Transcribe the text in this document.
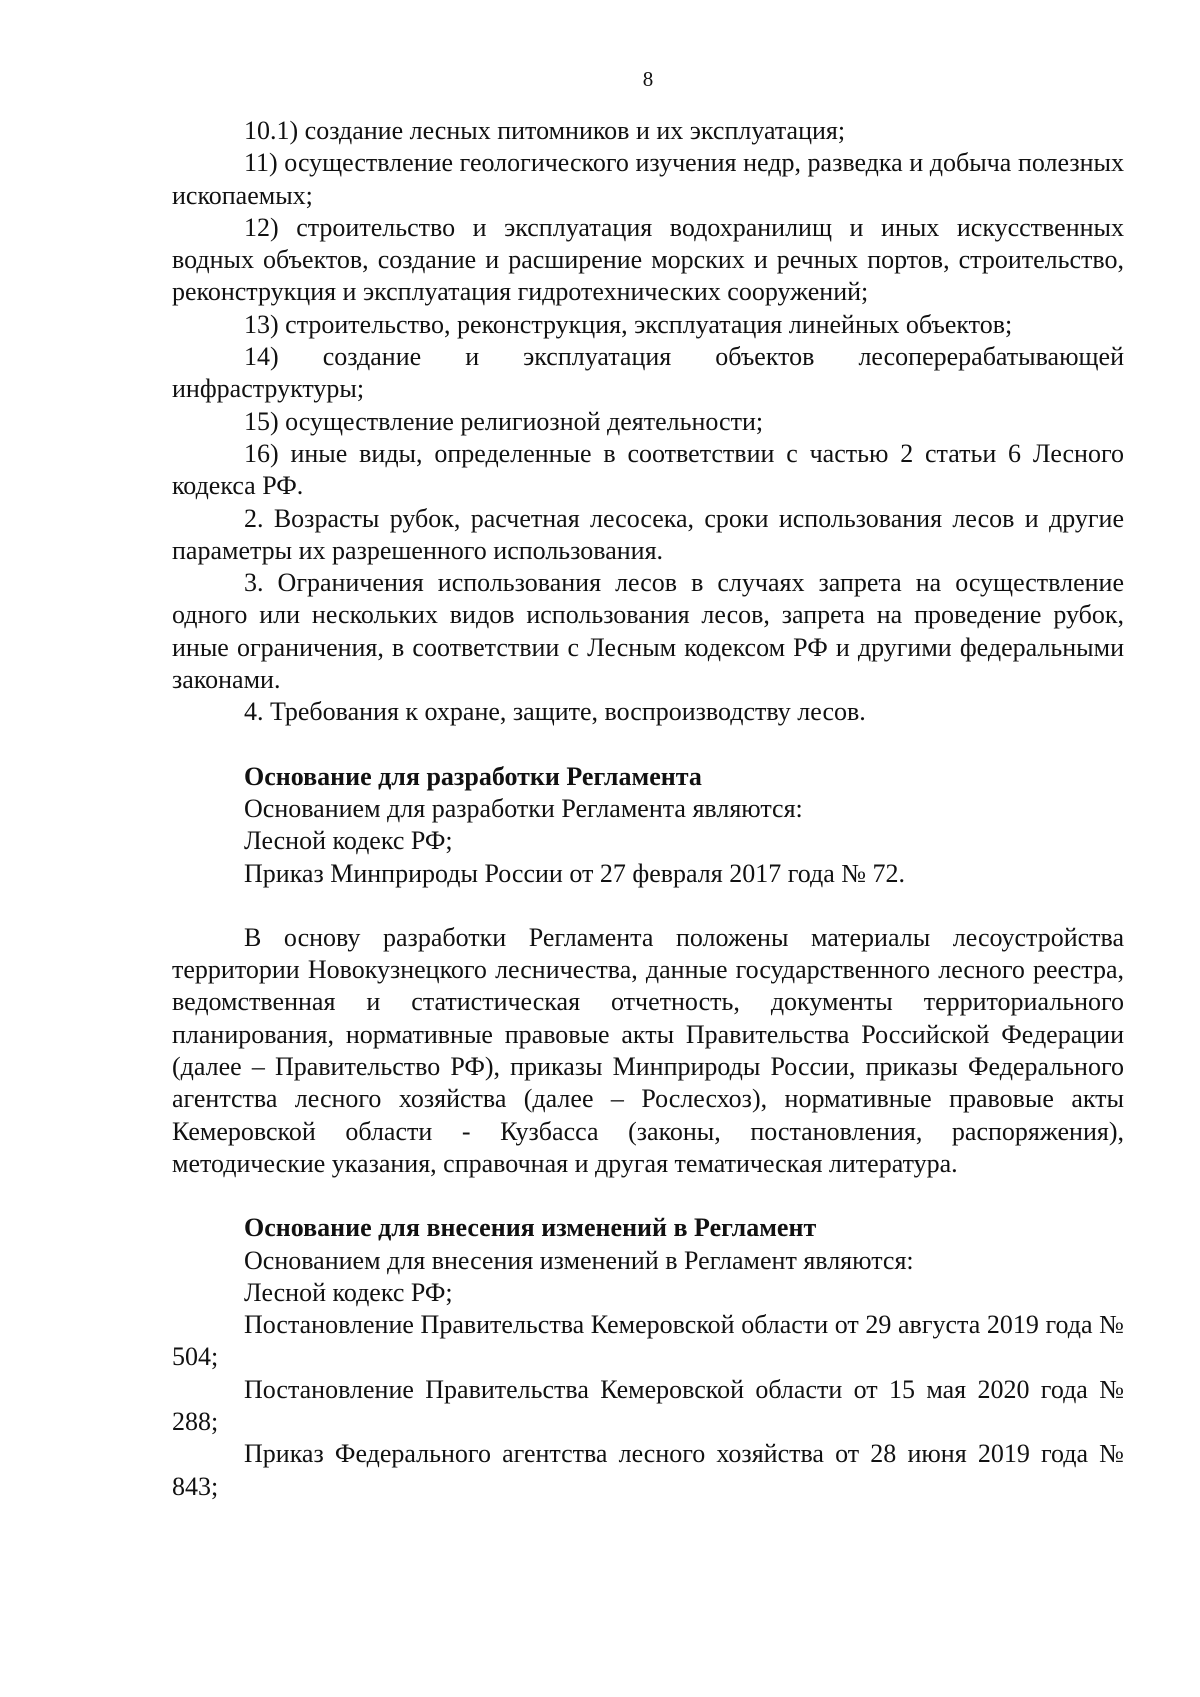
8

10.1) создание лесных питомников и их эксплуатация;

11) осуществление геологического изучения недр, разведка и добыча полезных ископаемых;

12) строительство и эксплуатация водохранилищ и иных искусственных водных объектов, создание и расширение морских и речных портов, строительство, реконструкция и эксплуатация гидротехнических сооружений;

13) строительство, реконструкция, эксплуатация линейных объектов;

14) создание и эксплуатация объектов лесоперерабатывающей инфраструктуры;

15) осуществление религиозной деятельности;

16) иные виды, определенные в соответствии с частью 2 статьи 6 Лесного кодекса РФ.

2. Возрасты рубок, расчетная лесосека, сроки использования лесов и другие параметры их разрешенного использования.

3. Ограничения использования лесов в случаях запрета на осуществление одного или нескольких видов использования лесов, запрета на проведение рубок, иные ограничения, в соответствии с Лесным кодексом РФ и другими федеральными законами.

4. Требования к охране, защите, воспроизводству лесов.

Основание для разработки Регламента

Основанием для разработки Регламента являются:

Лесной кодекс РФ;

Приказ Минприроды России от 27 февраля 2017 года № 72.

В основу разработки Регламента положены материалы лесоустройства территории Новокузнецкого лесничества, данные государственного лесного реестра, ведомственная и статистическая отчетность, документы территориального планирования, нормативные правовые акты Правительства Российской Федерации (далее – Правительство РФ), приказы Минприроды России, приказы Федерального агентства лесного хозяйства (далее – Рослесхоз), нормативные правовые акты Кемеровской области - Кузбасса (законы, постановления, распоряжения), методические указания, справочная и другая тематическая литература.

Основание для внесения изменений в Регламент

Основанием для внесения изменений в Регламент являются:

Лесной кодекс РФ;

Постановление Правительства Кемеровской области от 29 августа 2019 года № 504;

Постановление Правительства Кемеровской области от 15 мая 2020 года № 288;

Приказ Федерального агентства лесного хозяйства от 28 июня 2019 года № 843;
